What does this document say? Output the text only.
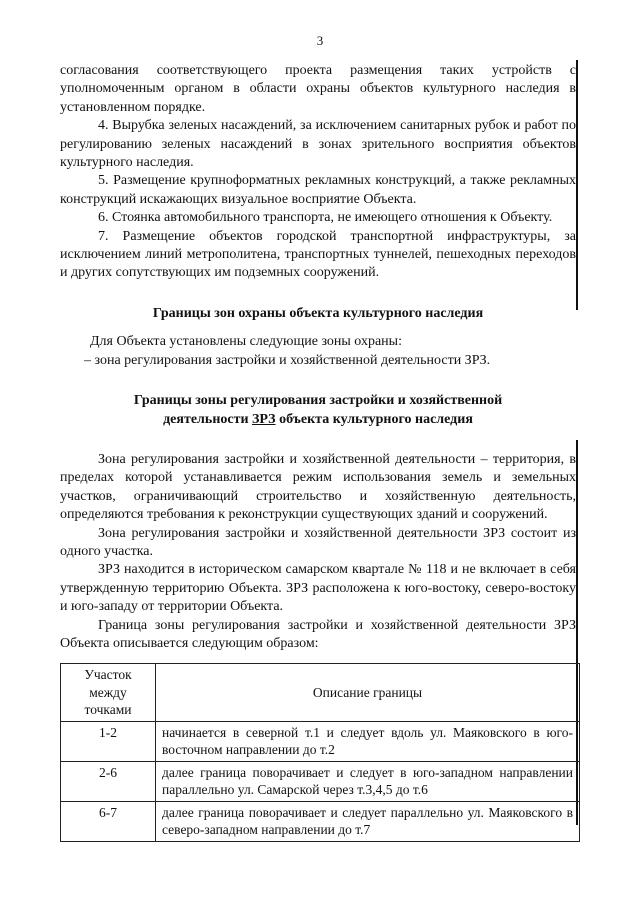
3

согласования соответствующего проекта размещения таких устройств с уполномоченным органом в области охраны объектов культурного наследия в установленном порядке.

4. Вырубка зеленых насаждений, за исключением санитарных рубок и работ по регулированию зеленых насаждений в зонах зрительного восприятия объектов культурного наследия.

5. Размещение крупноформатных рекламных конструкций, а также рекламных конструкций искажающих визуальное восприятие Объекта.

6. Стоянка автомобильного транспорта, не имеющего отношения к Объекту.

7. Размещение объектов городской транспортной инфраструктуры, за исключением линий метрополитена, транспортных туннелей, пешеходных переходов и других сопутствующих им подземных сооружений.

Границы зон охраны объекта культурного наследия

Для Объекта установлены следующие зоны охраны:

– зона регулирования застройки и хозяйственной деятельности ЗРЗ.

Границы зоны регулирования застройки и хозяйственной
деятельности ЗРЗ объекта культурного наследия

Зона регулирования застройки и хозяйственной деятельности – территория, в пределах которой устанавливается режим использования земель и земельных участков, ограничивающий строительство и хозяйственную деятельность, определяются требования к реконструкции существующих зданий и сооружений.

Зона регулирования застройки и хозяйственной деятельности ЗРЗ состоит из одного участка.

ЗРЗ находится в историческом самарском квартале № 118 и не включает в себя утвержденную территорию Объекта. ЗРЗ расположена к юго-востоку, северо-востоку и юго-западу от территории Объекта.

Граница зоны регулирования застройки и хозяйственной деятельности ЗРЗ Объекта описывается следующим образом:

Участок между точками	Описание границы
1-2	начинается в северной т.1 и следует вдоль ул. Маяковского в юго-восточном направлении до т.2
2-6	далее граница поворачивает и следует в юго-западном направлении параллельно ул. Самарской через т.3,4,5 до т.6
6-7	далее граница поворачивает и следует параллельно ул. Маяковского в северо-западном направлении до т.7
